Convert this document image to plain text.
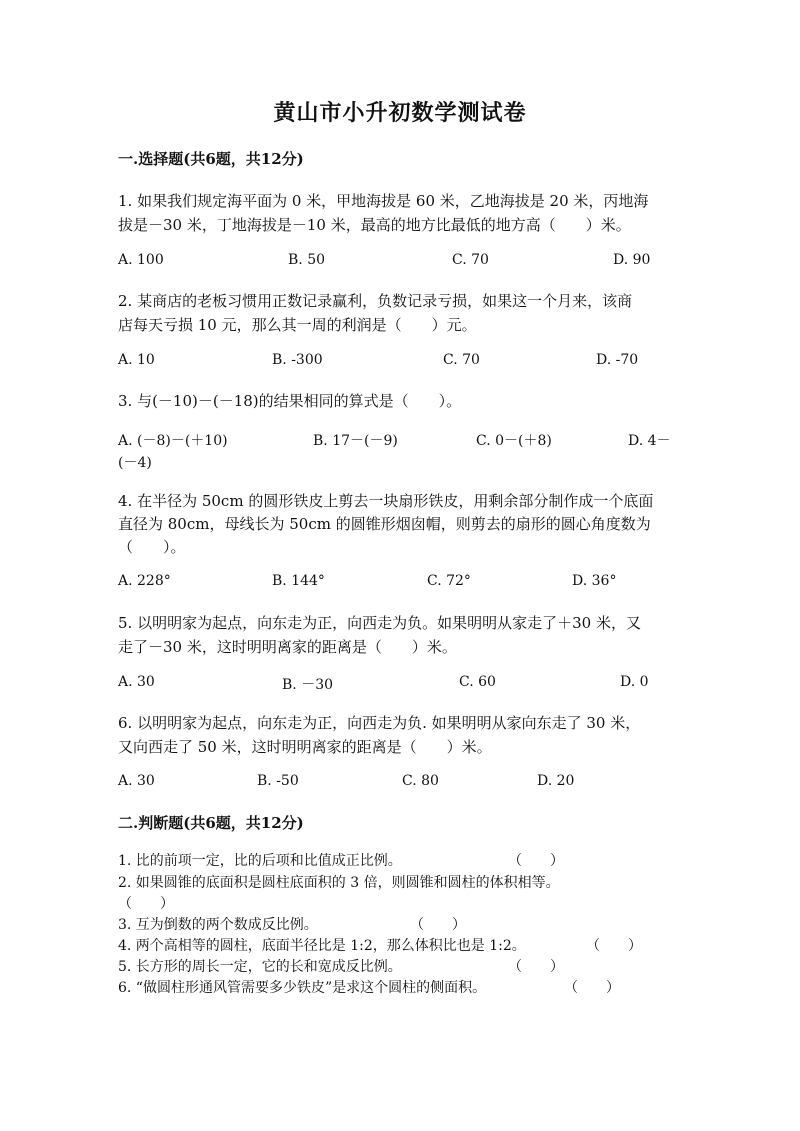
黄山市小升初数学测试卷
一.选择题(共6题，共12分)
1. 如果我们规定海平面为 0 米，甲地海拔是 60 米，乙地海拔是 20 米，丙地海
拔是－30 米，丁地海拔是－10 米，最高的地方比最低的地方高（　　）米。
A. 100	B. 50	C. 70	D. 90
2. 某商店的老板习惯用正数记录赢利，负数记录亏损，如果这一个月来，该商
店每天亏损 10 元，那么其一周的利润是（　　）元。
A. 10	B. -300	C. 70	D. -70
3. 与(－10)－(－18)的结果相同的算式是（　　）。
A. (－8)－(＋10)	B. 17－(－9)	C. 0－(＋8)	D. 4－
(－4)
4. 在半径为 50cm 的圆形铁皮上剪去一块扇形铁皮，用剩余部分制作成一个底面
直径为 80cm，母线长为 50cm 的圆锥形烟囱帽，则剪去的扇形的圆心角度数为
（　　）。
A. 228°	B. 144°	C. 72°	D. 36°
5. 以明明家为起点，向东走为正，向西走为负。如果明明从家走了＋30 米，又
走了－30 米，这时明明离家的距离是（　　）米。
A. 30	B. －30	C. 60	D. 0
6. 以明明家为起点，向东走为正，向西走为负. 如果明明从家向东走了 30 米，
又向西走了 50 米，这时明明离家的距离是（　　）米。
A. 30	B. -50	C. 80	D. 20
二.判断题(共6题，共12分)
1. 比的前项一定，比的后项和比值成正比例。	（　　）
2. 如果圆锥的底面积是圆柱底面积的 3 倍，则圆锥和圆柱的体积相等。
（　　）
3. 互为倒数的两个数成反比例。	（　　）
4. 两个高相等的圆柱，底面半径比是 1:2，那么体积比也是 1:2。	（　　）
5. 长方形的周长一定，它的长和宽成反比例。	（　　）
6. “做圆柱形通风管需要多少铁皮”是求这个圆柱的侧面积。	（　　）
